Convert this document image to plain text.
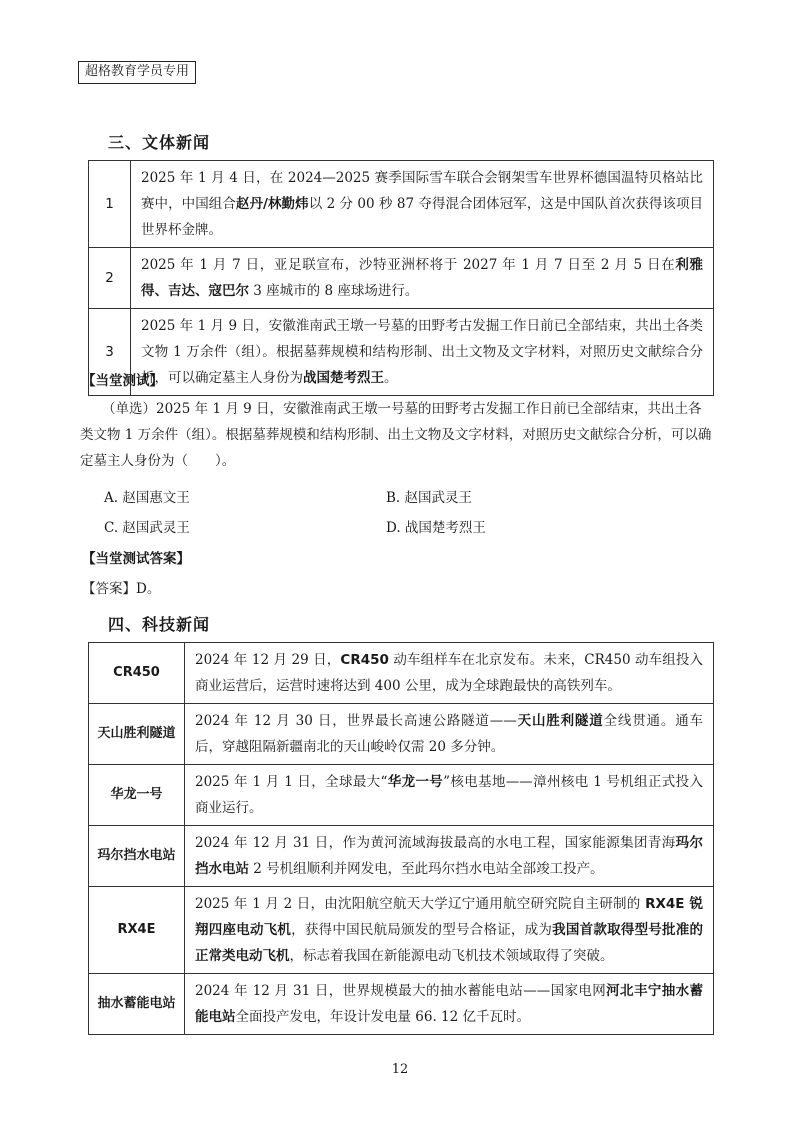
超格教育学员专用
三、文体新闻
1	2025 年 1 月 4 日，在 2024—2025 赛季国际雪车联合会钢架雪车世界杯德国温特贝格站比赛中，中国组合赵丹/林勤炜以 2 分 00 秒 87 夺得混合团体冠军，这是中国队首次获得该项目世界杯金牌。
2	2025 年 1 月 7 日，亚足联宣布，沙特亚洲杯将于 2027 年 1 月 7 日至 2 月 5 日在利雅得、吉达、寇巴尔 3 座城市的 8 座球场进行。
3	2025 年 1 月 9 日，安徽淮南武王墩一号墓的田野考古发掘工作日前已全部结束，共出土各类文物 1 万余件（组）。根据墓葬规模和结构形制、出土文物及文字材料，对照历史文献综合分析，可以确定墓主人身份为战国楚考烈王。
【当堂测试】
（单选）2025 年 1 月 9 日，安徽淮南武王墩一号墓的田野考古发掘工作日前已全部结束，共出土各类文物 1 万余件（组）。根据墓葬规模和结构形制、出土文物及文字材料，对照历史文献综合分析，可以确定墓主人身份为（　　）。
A. 赵国惠文王	B. 赵国武灵王
C. 赵国武灵王	D. 战国楚考烈王
【当堂测试答案】
【答案】D。
四、科技新闻
CR450	2024 年 12 月 29 日，CR450 动车组样车在北京发布。未来，CR450 动车组投入商业运营后，运营时速将达到 400 公里，成为全球跑最快的高铁列车。
天山胜利隧道	2024 年 12 月 30 日，世界最长高速公路隧道——天山胜利隧道全线贯通。通车后，穿越阻隔新疆南北的天山峻岭仅需 20 多分钟。
华龙一号	2025 年 1 月 1 日，全球最大“华龙一号”核电基地——漳州核电 1 号机组正式投入商业运行。
玛尔挡水电站	2024 年 12 月 31 日，作为黄河流域海拔最高的水电工程，国家能源集团青海玛尔挡水电站 2 号机组顺利并网发电，至此玛尔挡水电站全部竣工投产。
RX4E	2025 年 1 月 2 日，由沈阳航空航天大学辽宁通用航空研究院自主研制的 RX4E 锐翔四座电动飞机，获得中国民航局颁发的型号合格证，成为我国首款取得型号批准的正常类电动飞机，标志着我国在新能源电动飞机技术领域取得了突破。
抽水蓄能电站	2024 年 12 月 31 日，世界规模最大的抽水蓄能电站——国家电网河北丰宁抽水蓄能电站全面投产发电，年设计发电量 66. 12 亿千瓦时。
12
